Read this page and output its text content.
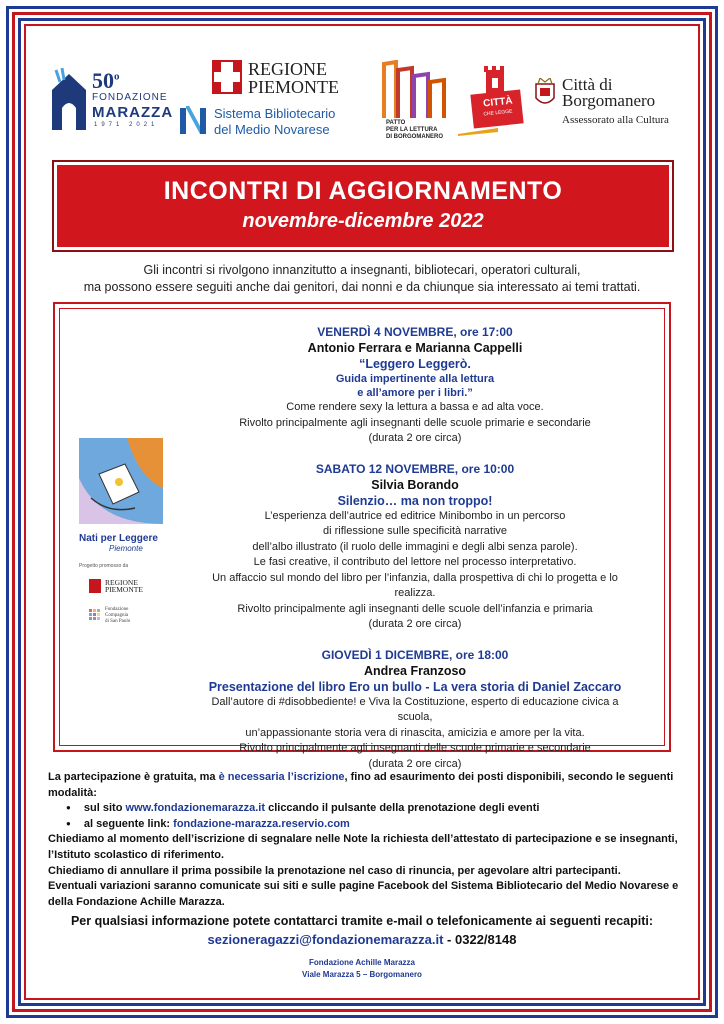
50$^o$
FONDAZIONE
MARAZZA
1971 2021
REGIONE
PIEMONTE
Sistema Bibliotecario
del Medio Novarese	PATTO
PER LA LETTURA
DI BORGOMANERO
CITTÀ
CHE LEGGE
Città di
Borgomanero
Assessorato alla Cultura
INCONTRI DI AGGIORNAMENTO
novembre-dicembre 2022
Gli incontri si rivolgono innanzitutto a insegnanti, bibliotecari, operatori culturali,
ma possono essere seguiti anche dai genitori, dai nonni e da chiunque sia interessato ai temi trattati.
Nati per Leggere
Piemonte
Progetto promosso da
REGIONE
PIEMONTE
Fondazione
Compagnia
di San Paolo
VENERDÌ 4 NOVEMBRE, ore 17:00
Antonio Ferrara e Marianna Cappelli
“Leggero Leggerò.
Guida impertinente alla lettura
e all’amore per i libri.”
Come rendere sexy la lettura a bassa e ad alta voce.
Rivolto principalmente agli insegnanti delle scuole primarie e secondarie
(durata 2 ore circa)
SABATO 12 NOVEMBRE, ore 10:00
Silvia Borando
Silenzio… ma non troppo!
L’esperienza dell’autrice ed editrice Minibombo in un percorso
di riflessione sulle specificità narrative
dell’albo illustrato (il ruolo delle immagini e degli albi senza parole).
Le fasi creative, il contributo del lettore nel processo interpretativo.
Un affaccio sul mondo del libro per l’infanzia, dalla prospettiva di chi lo progetta e lo realizza.
Rivolto principalmente agli insegnanti delle scuole dell’infanzia e primaria
(durata 2 ore circa)
GIOVEDÌ 1 DICEMBRE, ore 18:00
Andrea Franzoso
Presentazione del libro Ero un bullo - La vera storia di Daniel Zaccaro
Dall’autore di #disobbediente! e Viva la Costituzione, esperto di educazione civica a scuola,
un’appassionante storia vera di rinascita, amicizia e amore per la vita.
Rivolto principalmente agli insegnanti delle scuole primarie e secondarie
(durata 2 ore circa)
La partecipazione è gratuita, ma è necessaria l’iscrizione, fino ad esaurimento dei posti disponibili, secondo le seguenti modalità:
● sul sito www.fondazionemarazza.it cliccando il pulsante della prenotazione degli eventi
● al seguente link: fondazione-marazza.reservio.com
Chiediamo al momento dell’iscrizione di segnalare nelle Note la richiesta dell’attestato di partecipazione e se insegnanti, l’Istituto scolastico di riferimento.
Chiediamo di annullare il prima possibile la prenotazione nel caso di rinuncia, per agevolare altri partecipanti.
Eventuali variazioni saranno comunicate sui siti e sulle pagine Facebook del Sistema Bibliotecario del Medio Novarese e della Fondazione Achille Marazza.
Per qualsiasi informazione potete contattarci tramite e-mail o telefonicamente ai seguenti recapiti:
sezioneragazzi@fondazionemarazza.it - 0322/8148
Fondazione Achille Marazza
Viale Marazza 5 – Borgomanero
